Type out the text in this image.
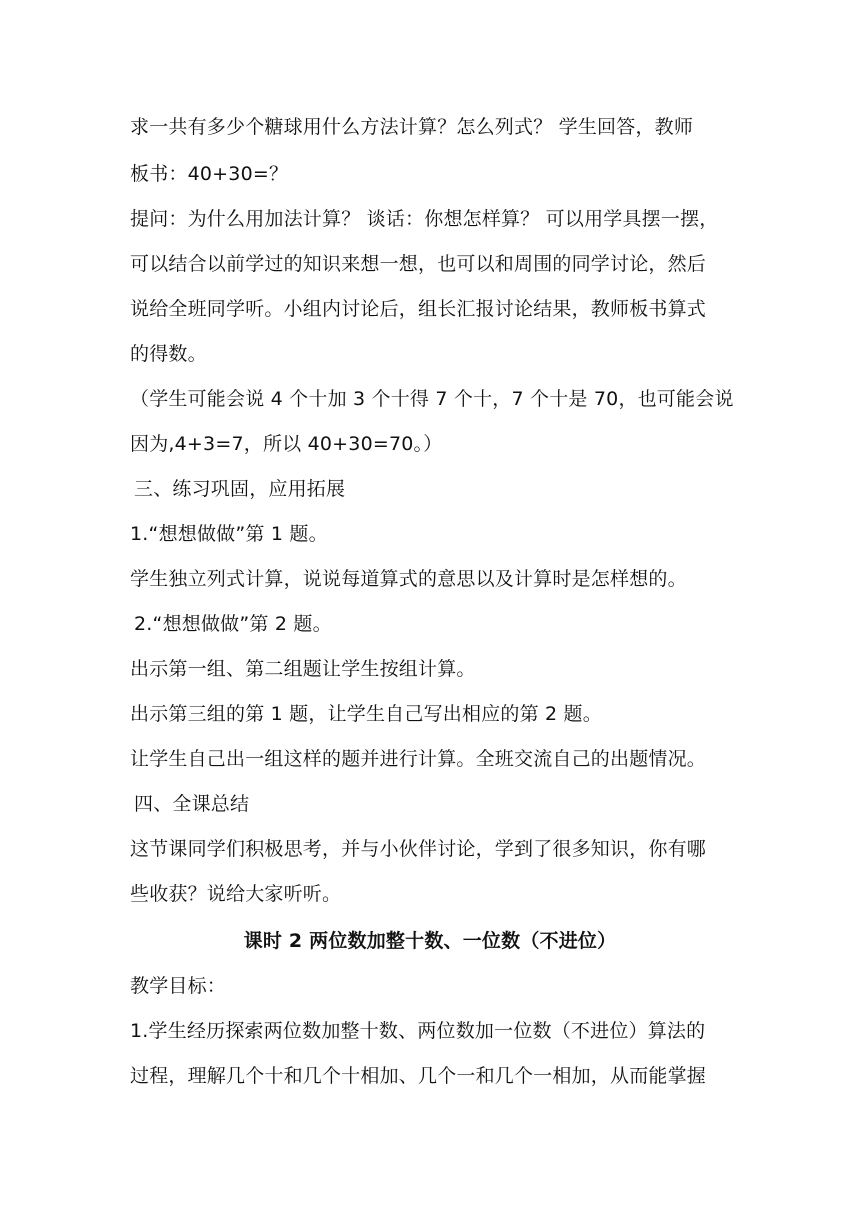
求一共有多少个糖球用什么方法计算？怎么列式？ 学生回答，教师
板书：40+30=？
提问：为什么用加法计算？ 谈话：你想怎样算？ 可以用学具摆一摆，
可以结合以前学过的知识来想一想，也可以和周围的同学讨论，然后
说给全班同学听。小组内讨论后，组长汇报讨论结果，教师板书算式
的得数。
（学生可能会说 4 个十加 3 个十得 7 个十，7 个十是 70，也可能会说
因为,4+3=7，所以 40+30=70。）
三、练习巩固，应用拓展
1.“想想做做”第 1 题。
学生独立列式计算，说说每道算式的意思以及计算时是怎样想的。
2.“想想做做”第 2 题。
出示第一组、第二组题让学生按组计算。
出示第三组的第 1 题，让学生自己写出相应的第 2 题。
让学生自己出一组这样的题并进行计算。全班交流自己的出题情况。
四、全课总结
这节课同学们积极思考，并与小伙伴讨论，学到了很多知识，你有哪
些收获？说给大家听听。
课时 2 两位数加整十数、一位数（不进位）
教学目标：
1.学生经历探索两位数加整十数、两位数加一位数（不进位）算法的
过程，理解几个十和几个十相加、几个一和几个一相加，从而能掌握
